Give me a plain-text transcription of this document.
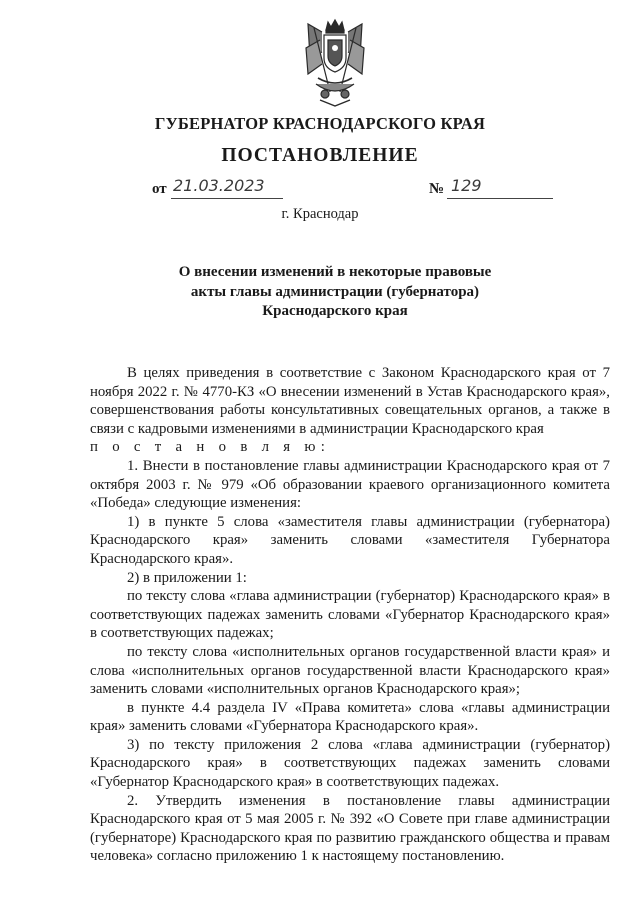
ГУБЕРНАТОР КРАСНОДАРСКОГО КРАЯ
ПОСТАНОВЛЕНИЕ
от 21.03.2023	№ 129
г. Краснодар
О внесении изменений в некоторые правовые
акты главы администрации (губернатора)
Краснодарского края

В целях приведения в соответствие с Законом Краснодарского края от 7 ноября 2022 г. № 4770-КЗ «О внесении изменений в Устав Краснодарского края», совершенствования работы консультативных совещательных органов, а также в связи с кадровыми изменениями в администрации Краснодарского края

п о с т а н о в л я ю:

1. Внести в постановление главы администрации Краснодарского края от 7 октября 2003 г. № 979 «Об образовании краевого организационного комитета «Победа» следующие изменения:

1) в пункте 5 слова «заместителя главы администрации (губернатора) Краснодарского края» заменить словами «заместителя Губернатора Краснодарского края».

2) в приложении 1:

по тексту слова «глава администрации (губернатор) Краснодарского края» в соответствующих падежах заменить словами «Губернатор Краснодарского края» в соответствующих падежах;

по тексту слова «исполнительных органов государственной власти края» и слова «исполнительных органов государственной власти Краснодарского края» заменить словами «исполнительных органов Краснодарского края»;

в пункте 4.4 раздела IV «Права комитета» слова «главы администрации края» заменить словами «Губернатора Краснодарского края».

3) по тексту приложения 2 слова «глава администрации (губернатор) Краснодарского края» в соответствующих падежах заменить словами «Губернатор Краснодарского края» в соответствующих падежах.

2. Утвердить изменения в постановление главы администрации Краснодарского края от 5 мая 2005 г. № 392 «О Совете при главе администрации (губернаторе) Краснодарского края по развитию гражданского общества и правам человека» согласно приложению 1 к настоящему постановлению.
